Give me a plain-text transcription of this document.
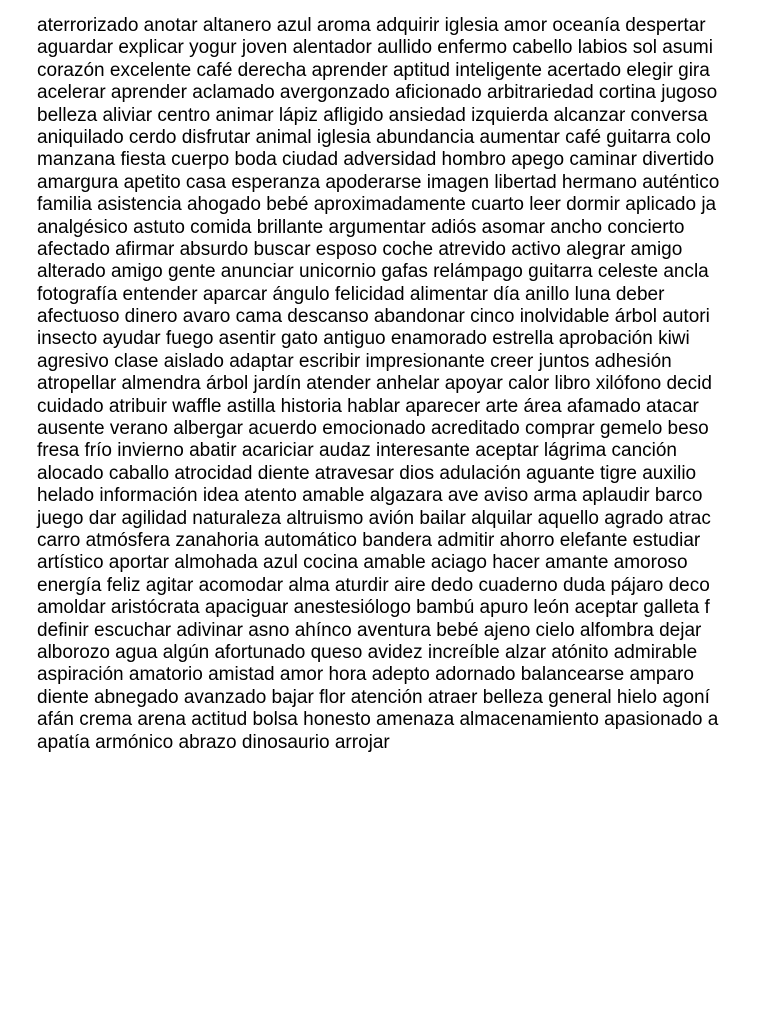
aterrorizado anotar altanero azul aroma adquirir iglesia amor oceanía despertar
aguardar explicar yogur joven alentador aullido enfermo cabello labios sol asumi
corazón excelente café derecha aprender aptitud inteligente acertado elegir gira
acelerar aprender aclamado avergonzado aficionado arbitrariedad cortina jugoso
belleza aliviar centro animar lápiz afligido ansiedad izquierda alcanzar conversa
aniquilado cerdo disfrutar animal iglesia abundancia aumentar café guitarra colo
manzana fiesta cuerpo boda ciudad adversidad hombro apego caminar divertido
amargura apetito casa esperanza apoderarse imagen libertad hermano auténtico
familia asistencia ahogado bebé aproximadamente cuarto leer dormir aplicado ja
analgésico astuto comida brillante argumentar adiós asomar ancho concierto
afectado afirmar absurdo buscar esposo coche atrevido activo alegrar amigo
alterado amigo gente anunciar unicornio gafas relámpago guitarra celeste ancla
fotografía entender aparcar ángulo felicidad alimentar día anillo luna deber
afectuoso dinero avaro cama descanso abandonar cinco inolvidable árbol autori
insecto ayudar fuego asentir gato antiguo enamorado estrella aprobación kiwi
agresivo clase aislado adaptar escribir impresionante creer juntos adhesión
atropellar almendra árbol jardín atender anhelar apoyar calor libro xilófono decid
cuidado atribuir waffle astilla historia hablar aparecer arte área afamado atacar
ausente verano albergar acuerdo emocionado acreditado comprar gemelo beso
fresa frío invierno abatir acariciar audaz interesante aceptar lágrima canción
alocado caballo atrocidad diente atravesar dios adulación aguante tigre auxilio
helado información idea atento amable algazara ave aviso arma aplaudir barco
juego dar agilidad naturaleza altruismo avión bailar alquilar aquello agrado atrac
carro atmósfera zanahoria automático bandera admitir ahorro elefante estudiar
artístico aportar almohada azul cocina amable aciago hacer amante amoroso
energía feliz agitar acomodar alma aturdir aire dedo cuaderno duda pájaro deco
amoldar aristócrata apaciguar anestesiólogo bambú apuro león aceptar galleta f
definir escuchar adivinar asno ahínco aventura bebé ajeno cielo alfombra dejar
alborozo agua algún afortunado queso avidez increíble alzar atónito admirable
aspiración amatorio amistad amor hora adepto adornado balancearse amparo
diente abnegado avanzado bajar flor atención atraer belleza general hielo agoní
afán crema arena actitud bolsa honesto amenaza almacenamiento apasionado a
apatía armónico abrazo dinosaurio arrojar
